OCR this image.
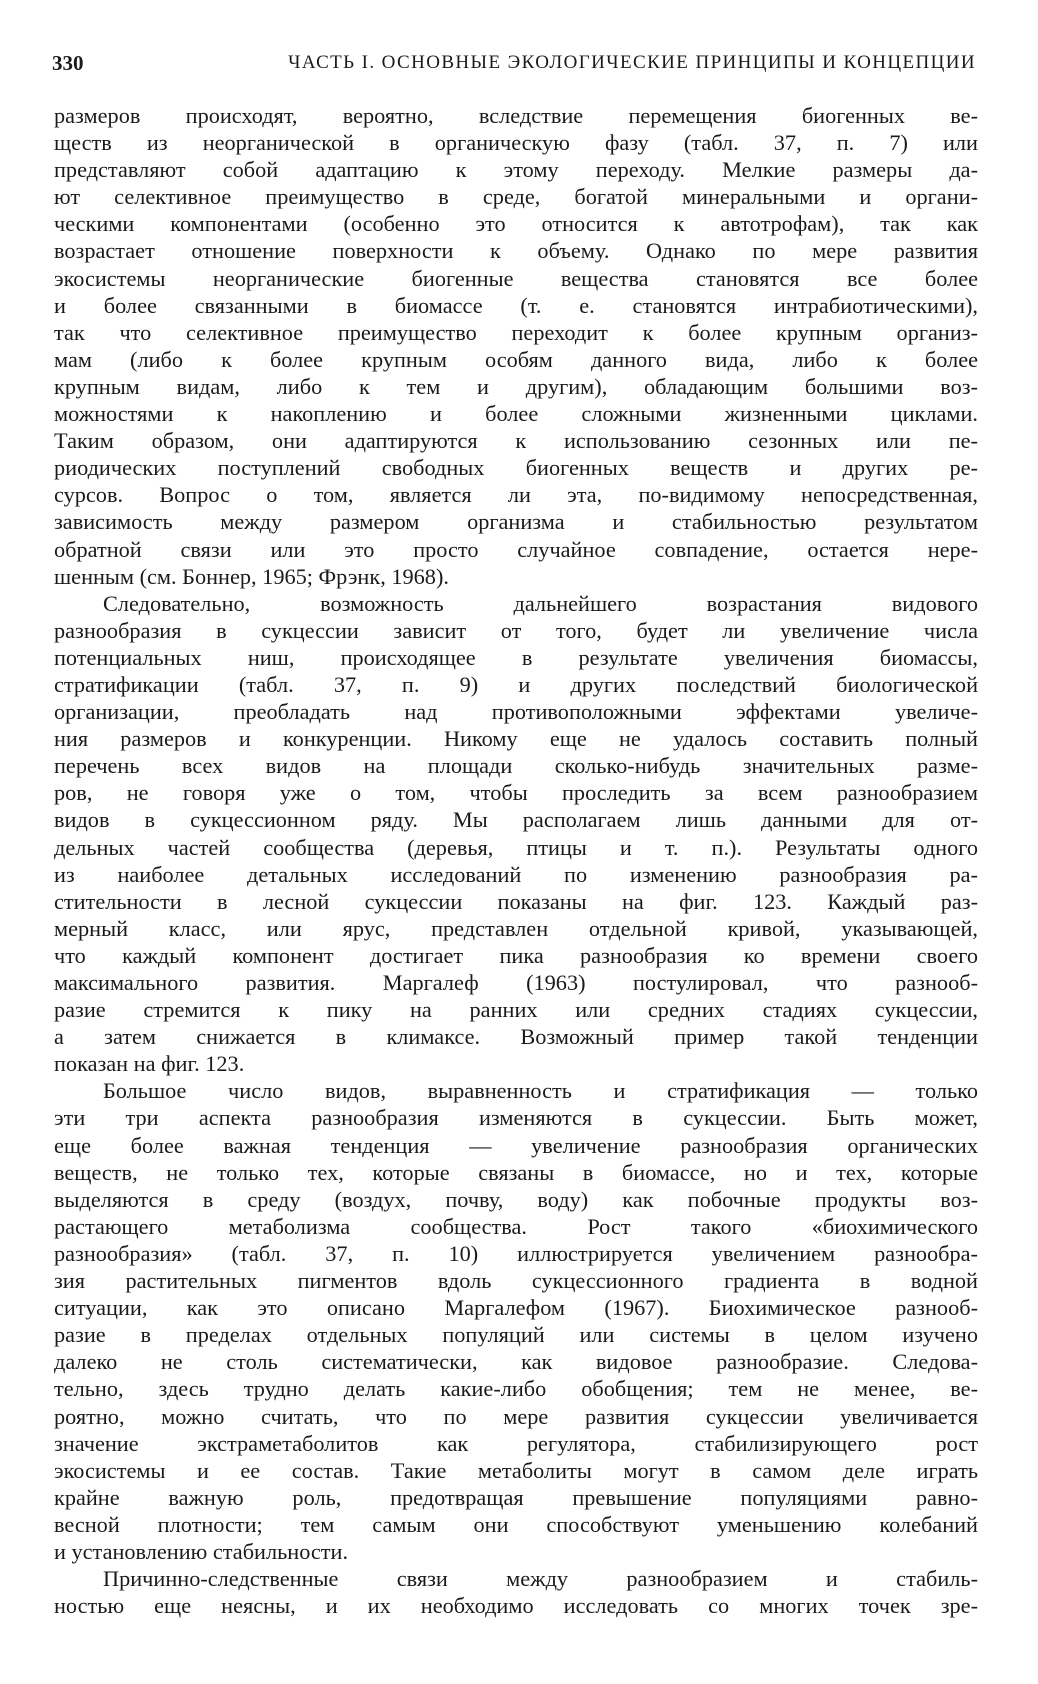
330	ЧАСТЬ I. ОСНОВНЫЕ ЭКОЛОГИЧЕСКИЕ ПРИНЦИПЫ И КОНЦЕПЦИИ
размеров происходят, вероятно, вследствие перемещения биогенных ве-
ществ из неорганической в органическую фазу (табл. 37, п. 7) или
представляют собой адаптацию к этому переходу. Мелкие размеры да-
ют селективное преимущество в среде, богатой минеральными и органи-
ческими компонентами (особенно это относится к автотрофам), так как
возрастает отношение поверхности к объему. Однако по мере развития
экосистемы неорганические биогенные вещества становятся все более
и более связанными в биомассе (т. е. становятся интрабиотическими),
так что селективное преимущество переходит к более крупным организ-
мам (либо к более крупным особям данного вида, либо к более
крупным видам, либо к тем и другим), обладающим большими воз-
можностями к накоплению и более сложными жизненными циклами.
Таким образом, они адаптируются к использованию сезонных или пе-
риодических поступлений свободных биогенных веществ и других ре-
сурсов. Вопрос о том, является ли эта, по-видимому непосредственная,
зависимость между размером организма и стабильностью результатом
обратной связи или это просто случайное совпадение, остается нере-
шенным (см. Боннер, 1965; Фрэнк, 1968).
Следовательно, возможность дальнейшего возрастания видового
разнообразия в сукцессии зависит от того, будет ли увеличение числа
потенциальных ниш, происходящее в результате увеличения биомассы,
стратификации (табл. 37, п. 9) и других последствий биологической
организации, преобладать над противоположными эффектами увеличе-
ния размеров и конкуренции. Никому еще не удалось составить полный
перечень всех видов на площади сколько-нибудь значительных разме-
ров, не говоря уже о том, чтобы проследить за всем разнообразием
видов в сукцессионном ряду. Мы располагаем лишь данными для от-
дельных частей сообщества (деревья, птицы и т. п.). Результаты одного
из наиболее детальных исследований по изменению разнообразия ра-
стительности в лесной сукцессии показаны на фиг. 123. Каждый раз-
мерный класс, или ярус, представлен отдельной кривой, указывающей,
что каждый компонент достигает пика разнообразия ко времени своего
максимального развития. Маргалеф (1963) постулировал, что разнооб-
разие стремится к пику на ранних или средних стадиях сукцессии,
а затем снижается в климаксе. Возможный пример такой тенденции
показан на фиг. 123.
Большое число видов, выравненность и стратификация — только
эти три аспекта разнообразия изменяются в сукцессии. Быть может,
еще более важная тенденция — увеличение разнообразия органических
веществ, не только тех, которые связаны в биомассе, но и тех, которые
выделяются в среду (воздух, почву, воду) как побочные продукты воз-
растающего метаболизма сообщества. Рост такого «биохимического
разнообразия» (табл. 37, п. 10) иллюстрируется увеличением разнообра-
зия растительных пигментов вдоль сукцессионного градиента в водной
ситуации, как это описано Маргалефом (1967). Биохимическое разнооб-
разие в пределах отдельных популяций или системы в целом изучено
далеко не столь систематически, как видовое разнообразие. Следова-
тельно, здесь трудно делать какие-либо обобщения; тем не менее, ве-
роятно, можно считать, что по мере развития сукцессии увеличивается
значение экстраметаболитов как регулятора, стабилизирующего рост
экосистемы и ее состав. Такие метаболиты могут в самом деле играть
крайне важную роль, предотвращая превышение популяциями равно-
весной плотности; тем самым они способствуют уменьшению колебаний
и установлению стабильности.
Причинно-следственные связи между разнообразием и стабиль-
ностью еще неясны, и их необходимо исследовать со многих точек зре-
